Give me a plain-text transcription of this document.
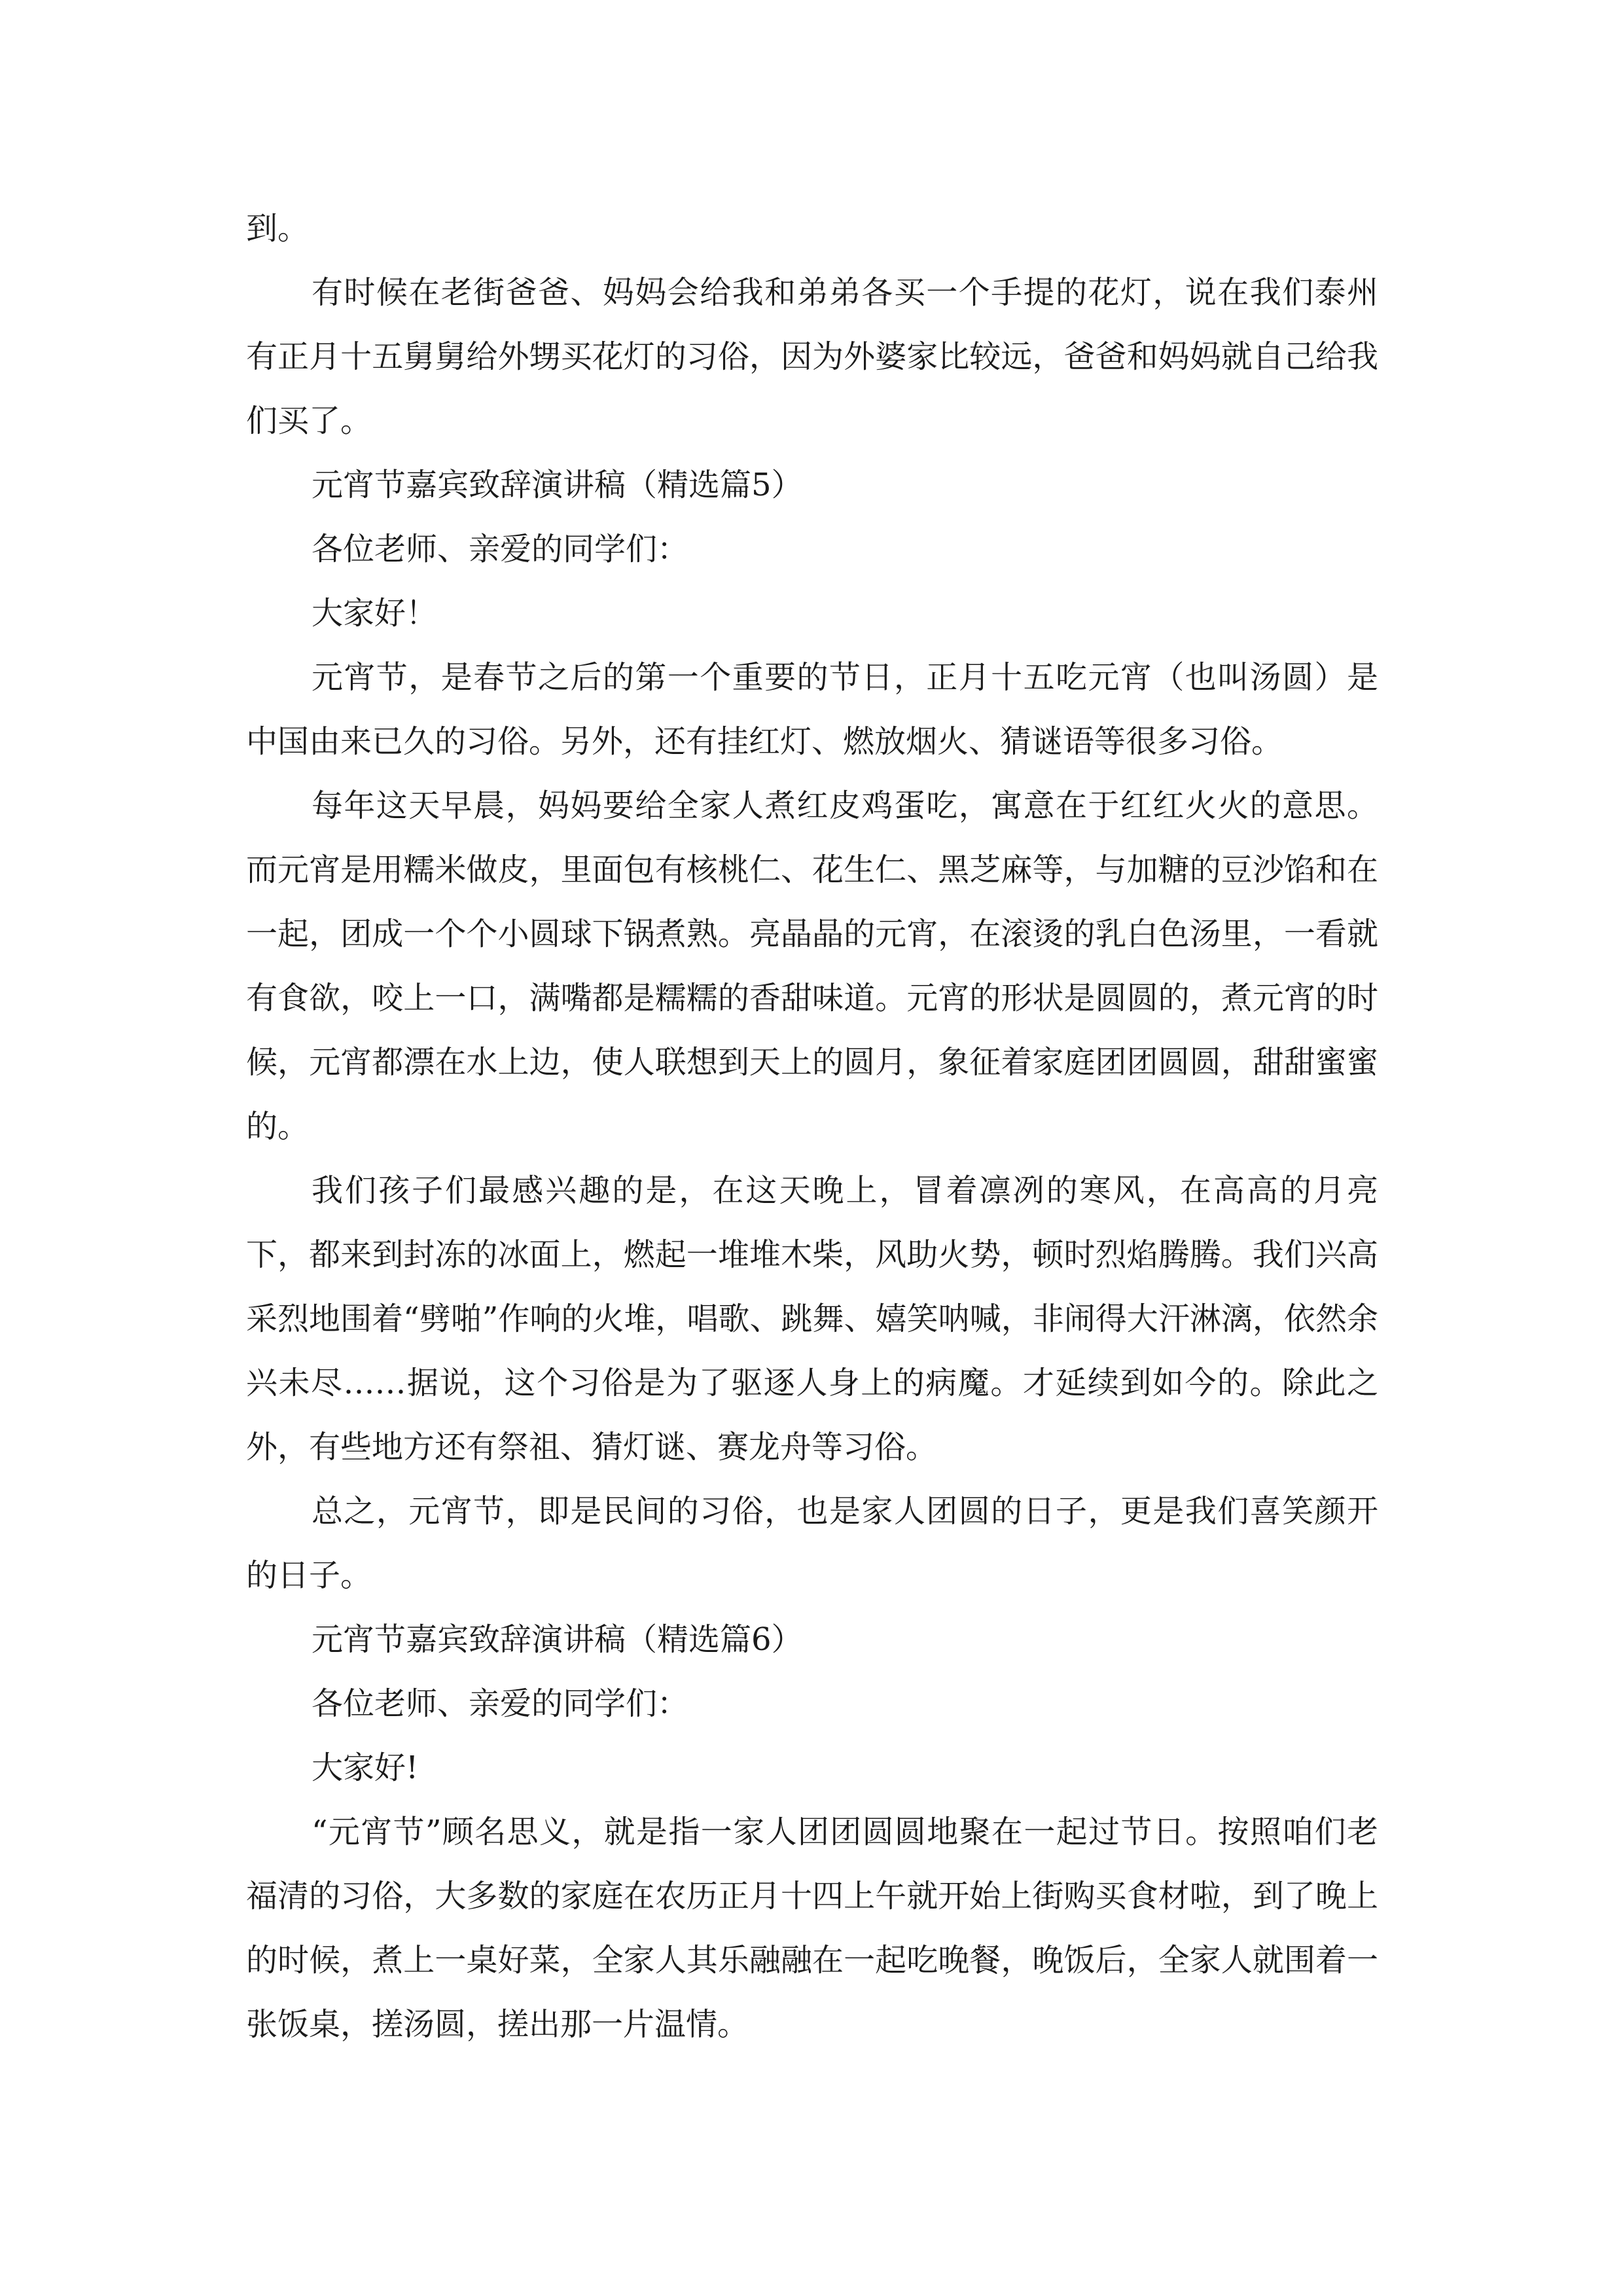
到。

有时候在老街爸爸、妈妈会给我和弟弟各买一个手提的花灯，说在我们泰州有正月十五舅舅给外甥买花灯的习俗，因为外婆家比较远，爸爸和妈妈就自己给我们买了。

元宵节嘉宾致辞演讲稿（精选篇5）

各位老师、亲爱的同学们：

大家好！

元宵节，是春节之后的第一个重要的节日，正月十五吃元宵（也叫汤圆）是中国由来已久的习俗。另外，还有挂红灯、燃放烟火、猜谜语等很多习俗。

每年这天早晨，妈妈要给全家人煮红皮鸡蛋吃，寓意在于红红火火的意思。而元宵是用糯米做皮，里面包有核桃仁、花生仁、黑芝麻等，与加糖的豆沙馅和在一起，团成一个个小圆球下锅煮熟。亮晶晶的元宵，在滚烫的乳白色汤里，一看就有食欲，咬上一口，满嘴都是糯糯的香甜味道。元宵的形状是圆圆的，煮元宵的时候，元宵都漂在水上边，使人联想到天上的圆月，象征着家庭团团圆圆，甜甜蜜蜜的。

我们孩子们最感兴趣的是，在这天晚上，冒着凛冽的寒风，在高高的月亮下，都来到封冻的冰面上，燃起一堆堆木柴，风助火势，顿时烈焰腾腾。我们兴高采烈地围着“劈啪”作响的火堆，唱歌、跳舞、嬉笑呐喊，非闹得大汗淋漓，依然余兴未尽……据说，这个习俗是为了驱逐人身上的病魔。才延续到如今的。除此之外，有些地方还有祭祖、猜灯谜、赛龙舟等习俗。

总之，元宵节，即是民间的习俗，也是家人团圆的日子，更是我们喜笑颜开的日子。

元宵节嘉宾致辞演讲稿（精选篇6）

各位老师、亲爱的同学们：

大家好!

“元宵节”顾名思义，就是指一家人团团圆圆地聚在一起过节日。按照咱们老福清的习俗，大多数的家庭在农历正月十四上午就开始上街购买食材啦，到了晚上的时候，煮上一桌好菜，全家人其乐融融在一起吃晚餐，晚饭后，全家人就围着一张饭桌，搓汤圆，搓出那一片温情。
